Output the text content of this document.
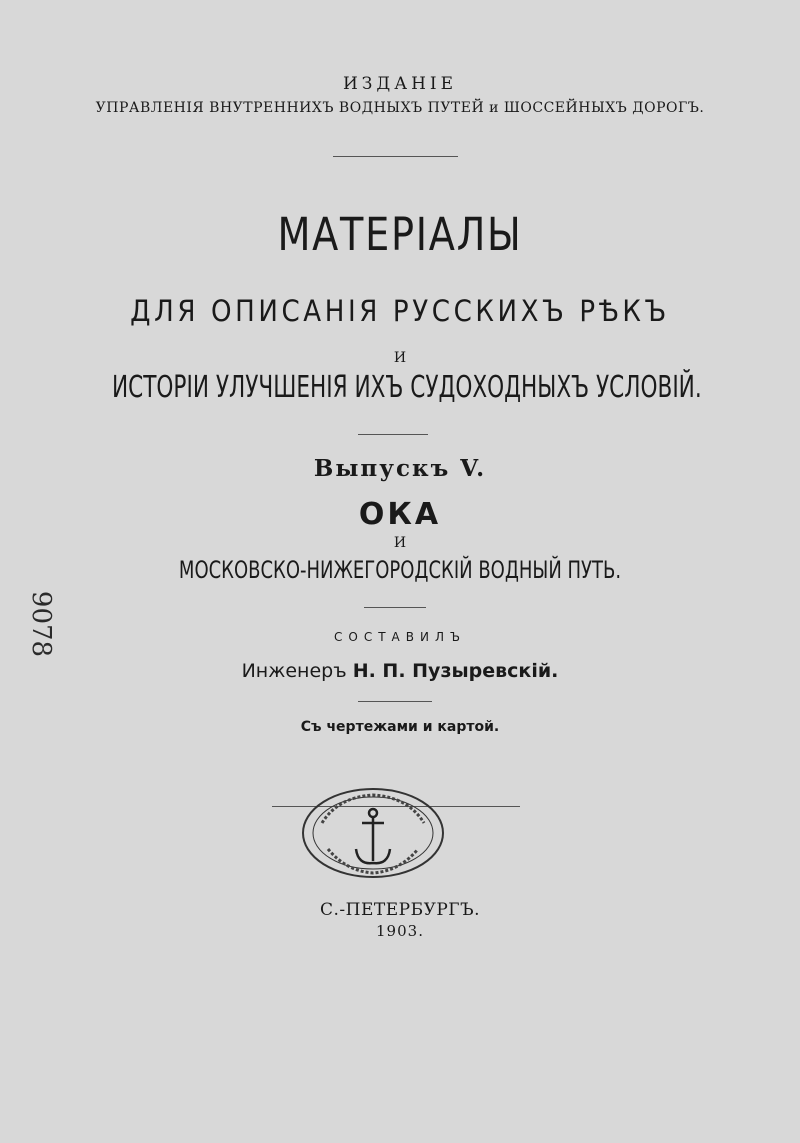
ИЗДАНІЕ
УПРАВЛЕНІЯ ВНУТРЕННИХЪ ВОДНЫХЪ ПУТЕЙ и ШОССЕЙНЫХЪ ДОРОГЪ.
МАТЕРІАЛЫ
ДЛЯ ОПИСАНІЯ РУССКИХЪ РѢКЪ
И
ИСТОРІИ УЛУЧШЕНІЯ ИХЪ СУДОХОДНЫХЪ УСЛОВІЙ.
Выпускъ V.
ОКА
И
МОСКОВСКО-НИЖЕГОРОДСКІЙ ВОДНЫЙ ПУТЬ.
СОСТАВИЛЪ
Инженеръ Н. П. Пузыревскій.
Съ чертежами и картой.
С.-ПЕТЕРБУРГЪ.
1903.
9078
